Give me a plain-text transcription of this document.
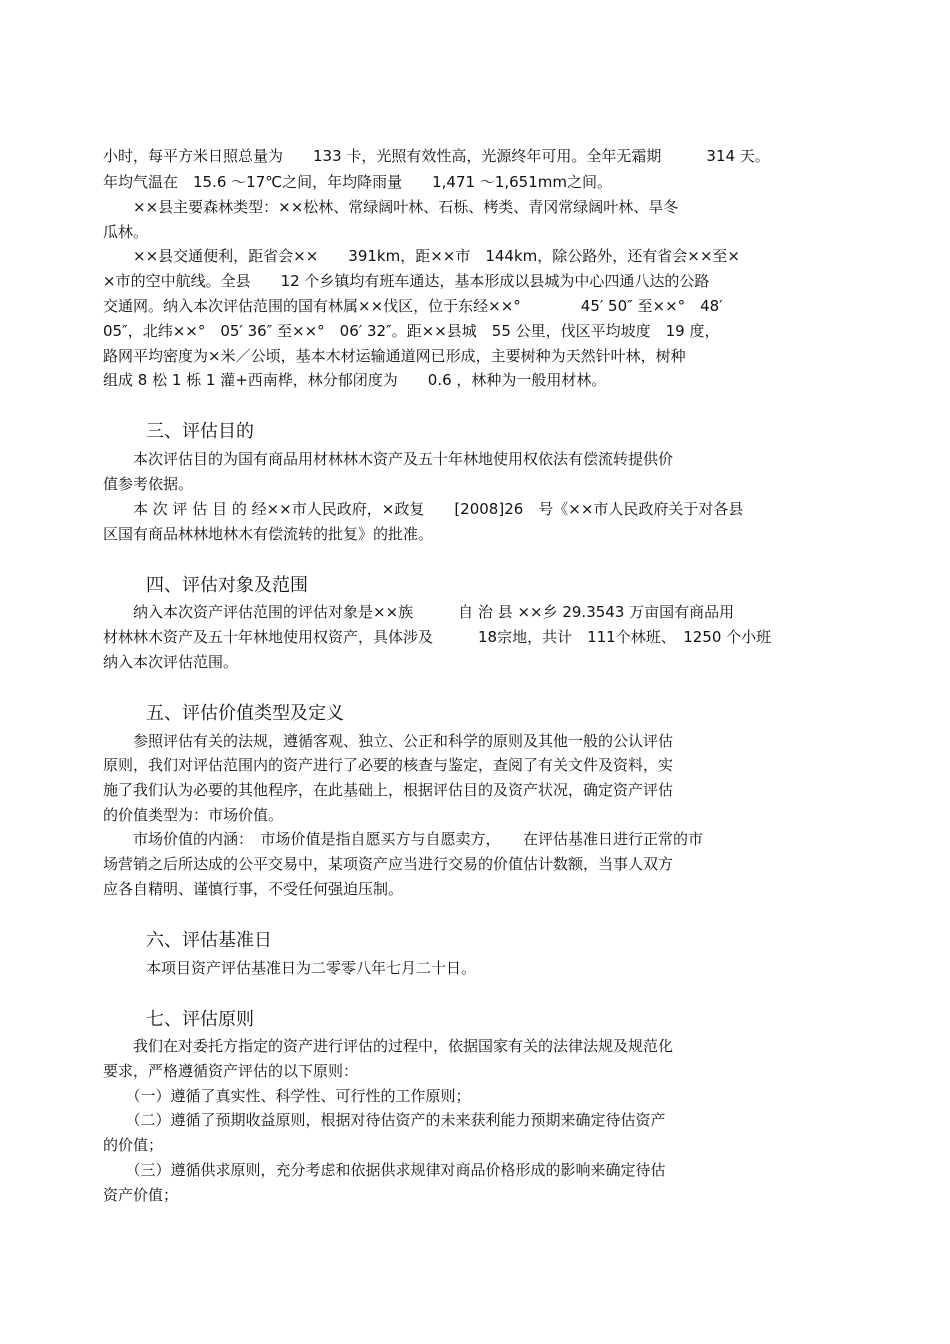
小时，每平方米日照总量为　　133 卡，光照有效性高，光源终年可用。全年无霜期　　　314 天。
年均气温在　15.6 ～17℃之间，年均降雨量　　1,471 ～1,651mm之间。
　　××县主要森林类型：××松林、常绿阔叶林、石栎、栲类、青冈常绿阔叶林、旱冬
瓜林。
　　××县交通便利，距省会××　　391km，距××市　144km，除公路外，还有省会××至×
×市的空中航线。全县　　12 个乡镇均有班车通达，基本形成以县城为中心四通八达的公路
交通网。纳入本次评估范围的国有林属××伐区，位于东经××°　　　　45′ 50″ 至××°　48′
05″，北纬××°　05′ 36″ 至××°　06′ 32″。距××县城　55 公里，伐区平均坡度　19 度，
路网平均密度为×米／公顷，基本木材运输通道网已形成，主要树种为天然针叶林，树种
组成 8 松 1 栎 1 灌+西南桦，林分郁闭度为　　0.6 ，林种为一般用材林。
三、评估目的
　　本次评估目的为国有商品用材林林木资产及五十年林地使用权依法有偿流转提供价
值参考依据。
　　本 次 评 估 目 的 经××市人民政府，×政复　　[2008]26　号《××市人民政府关于对各县
区国有商品林林地林木有偿流转的批复》的批准。
四、评估对象及范围
　　纳入本次资产评估范围的评估对象是××族　　　自 治 县 ××乡 29.3543 万亩国有商品用
材林林木资产及五十年林地使用权资产，具体涉及　　　18宗地，共计　111个林班、　1250 个小班
纳入本次评估范围。
五、评估价值类型及定义
　　参照评估有关的法规，遵循客观、独立、公正和科学的原则及其他一般的公认评估
原则，我们对评估范围内的资产进行了必要的核查与鉴定，查阅了有关文件及资料，实
施了我们认为必要的其他程序，在此基础上，根据评估目的及资产状况，确定资产评估
的价值类型为：市场价值。
　　市场价值的内涵：　市场价值是指自愿买方与自愿卖方，　　在评估基准日进行正常的市
场营销之后所达成的公平交易中，某项资产应当进行交易的价值估计数额，当事人双方
应各自精明、谨慎行事，不受任何强迫压制。
六、评估基准日
本项目资产评估基准日为二零零八年七月二十日。
七、评估原则
　　我们在对委托方指定的资产进行评估的过程中，依据国家有关的法律法规及规范化
要求，严格遵循资产评估的以下原则：
　　（一）遵循了真实性、科学性、可行性的工作原则；
　　（二）遵循了预期收益原则，根据对待估资产的未来获利能力预期来确定待估资产
的价值；
　　（三）遵循供求原则，充分考虑和依据供求规律对商品价格形成的影响来确定待估
资产价值；
